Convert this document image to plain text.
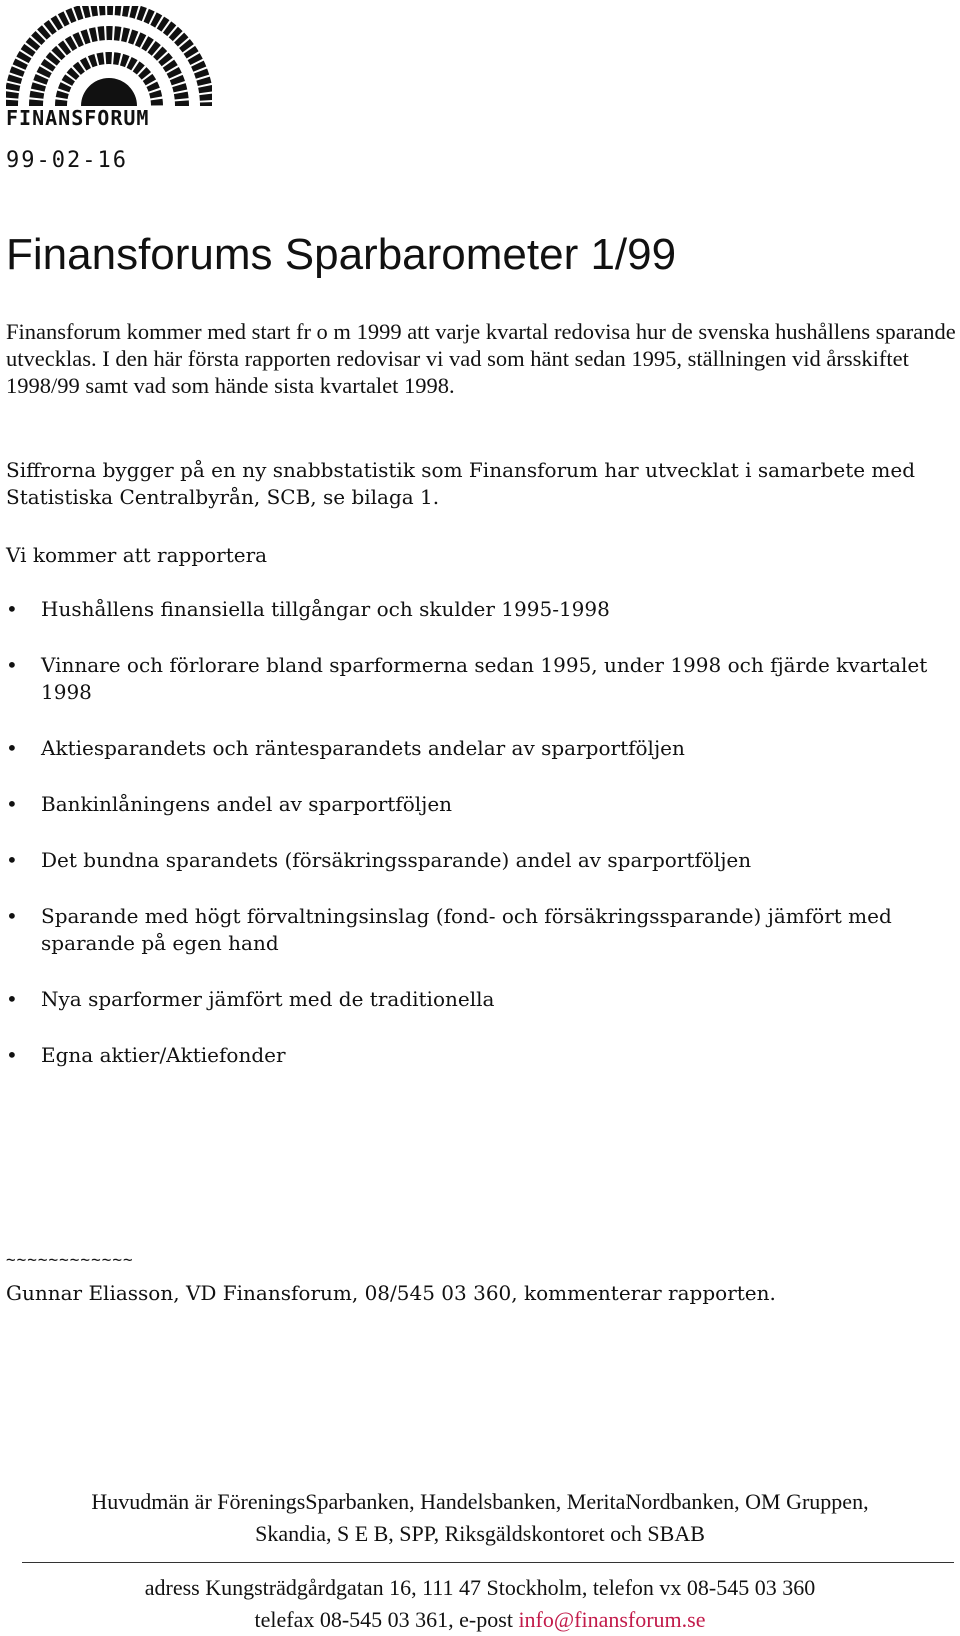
FINANSFORUM
99-02-16
Finansforums Sparbarometer 1/99

Finansforum kommer med start fr o m 1999 att varje kvartal redovisa hur de svenska hushållens sparande utvecklas. I den här första rapporten redovisar vi vad som hänt sedan 1995, ställningen vid årsskiftet 1998/99 samt vad som hände sista kvartalet 1998.

Siffrorna bygger på en ny snabbstatistik som Finansforum har utvecklat i samarbete med Statistiska Centralbyrån, SCB, se bilaga 1.

Vi kommer att rapportera

• Hushållens finansiella tillgångar och skulder 1995-1998
• Vinnare och förlorare bland sparformerna sedan 1995, under 1998 och fjärde kvartalet 1998
• Aktiesparandets och räntesparandets andelar av sparportföljen
• Bankinlåningens andel av sparportföljen
• Det bundna sparandets (försäkringssparande) andel av sparportföljen
• Sparande med högt förvaltningsinslag (fond- och försäkringssparande) jämfört med sparande på egen hand
• Nya sparformer jämfört med de traditionella
• Egna aktier/Aktiefonder
~~~~~~~~~~~~

Gunnar Eliasson, VD Finansforum, 08/545 03 360, kommenterar rapporten.

Huvudmän är FöreningsSparbanken, Handelsbanken, MeritaNordbanken, OM Gruppen,
Skandia, S E B, SPP, Riksgäldskontoret och SBAB

adress Kungsträdgårdgatan 16, 111 47 Stockholm, telefon vx 08-545 03 360
telefax 08-545 03 361, e-post info@finansforum.se
